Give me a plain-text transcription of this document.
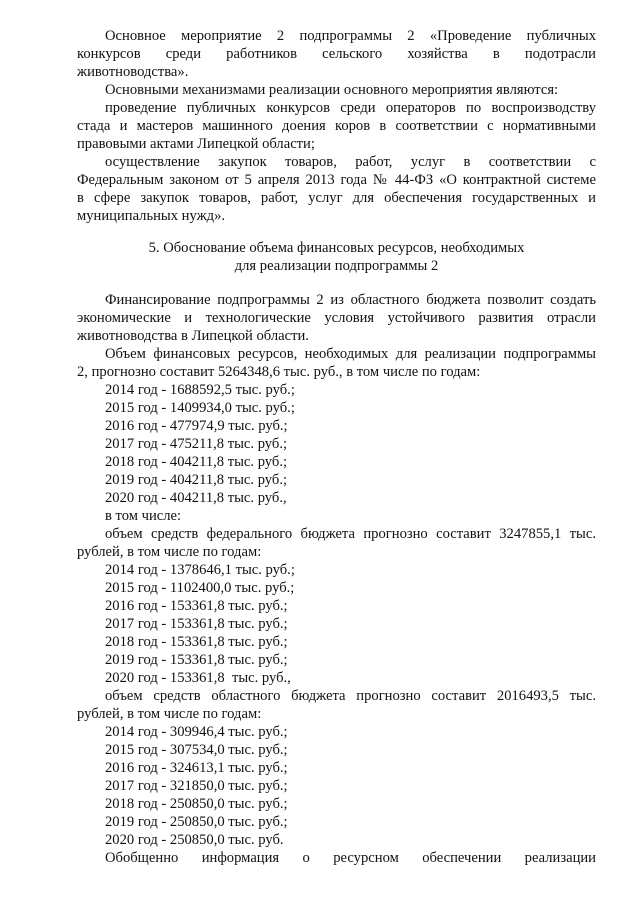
Основное мероприятие 2 подпрограммы 2 «Проведение публичных

конкурсов среди работников сельского хозяйства в подотрасли

животноводства».

Основными механизмами реализации основного мероприятия являются:

проведение публичных конкурсов среди операторов по воспроизводству

стада и мастеров машинного доения коров в соответствии с нормативными

правовыми актами Липецкой области;

осуществление закупок товаров, работ, услуг в соответствии с

Федеральным законом от 5 апреля 2013 года № 44-ФЗ «О контрактной системе

в сфере закупок товаров, работ, услуг для обеспечения государственных и

муниципальных нужд».

5. Обоснование объема финансовых ресурсов, необходимых

для реализации подпрограммы 2

Финансирование подпрограммы 2 из областного бюджета позволит создать

экономические и технологические условия устойчивого развития отрасли

животноводства в Липецкой области.

Объем финансовых ресурсов, необходимых для реализации подпрограммы

2, прогнозно составит 5264348,6 тыс. руб., в том числе по годам:

2014 год - 1688592,5 тыс. руб.;

2015 год - 1409934,0 тыс. руб.;

2016 год - 477974,9 тыс. руб.;

2017 год - 475211,8 тыс. руб.;

2018 год - 404211,8 тыс. руб.;

2019 год - 404211,8 тыс. руб.;

2020 год - 404211,8 тыс. руб.,

в том числе:

объем средств федерального бюджета прогнозно составит 3247855,1 тыс.

рублей, в том числе по годам:

2014 год - 1378646,1 тыс. руб.;

2015 год - 1102400,0 тыс. руб.;

2016 год - 153361,8 тыс. руб.;

2017 год - 153361,8 тыс. руб.;

2018 год - 153361,8 тыс. руб.;

2019 год - 153361,8 тыс. руб.;

2020 год - 153361,8  тыс. руб.,

объем средств областного бюджета прогнозно составит 2016493,5 тыс.

рублей, в том числе по годам:

2014 год - 309946,4 тыс. руб.;

2015 год - 307534,0 тыс. руб.;

2016 год - 324613,1 тыс. руб.;

2017 год - 321850,0 тыс. руб.;

2018 год - 250850,0 тыс. руб.;

2019 год - 250850,0 тыс. руб.;

2020 год - 250850,0 тыс. руб.

Обобщенно информация о ресурсном обеспечении реализации
